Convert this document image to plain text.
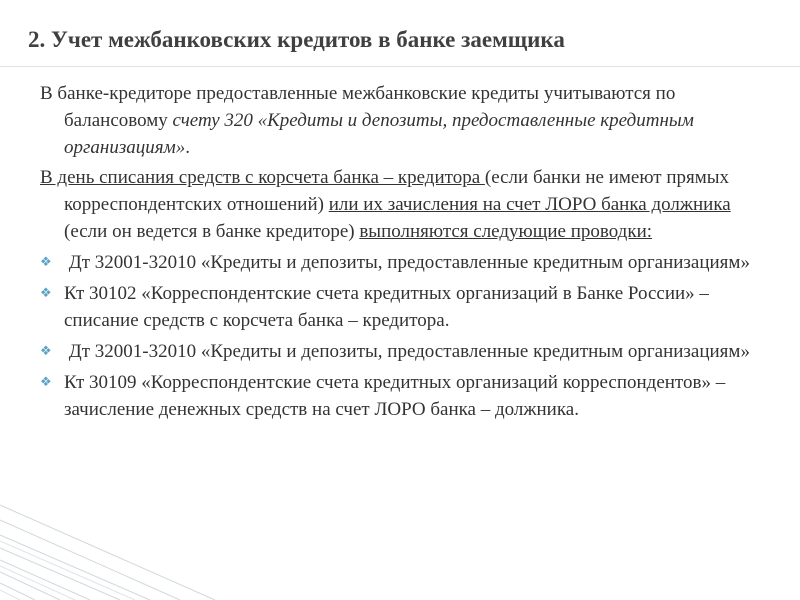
2. Учет межбанковских кредитов в банке заемщика

В банке-кредиторе предоставленные межбанковские кредиты учитываются по балансовому счету 320 «Кредиты и депозиты, предоставленные кредитным организациям».

В день списания средств с корсчета банка – кредитора (если банки не имеют прямых корреспондентских отношений) или их зачисления на счет ЛОРО банка должника (если он ведется в банке кредиторе) выполняются следующие проводки:

❖ Дт 32001-32010 «Кредиты и депозиты, предоставленные кредитным организациям»

❖ Кт 30102 «Корреспондентские счета кредитных организаций в Банке России» – списание средств с корсчета банка – кредитора.

❖ Дт 32001-32010 «Кредиты и депозиты, предоставленные кредитным организациям»

❖ Кт 30109 «Корреспондентские счета кредитных организаций корреспондентов» – зачисление денежных средств на счет ЛОРО банка – должника.
